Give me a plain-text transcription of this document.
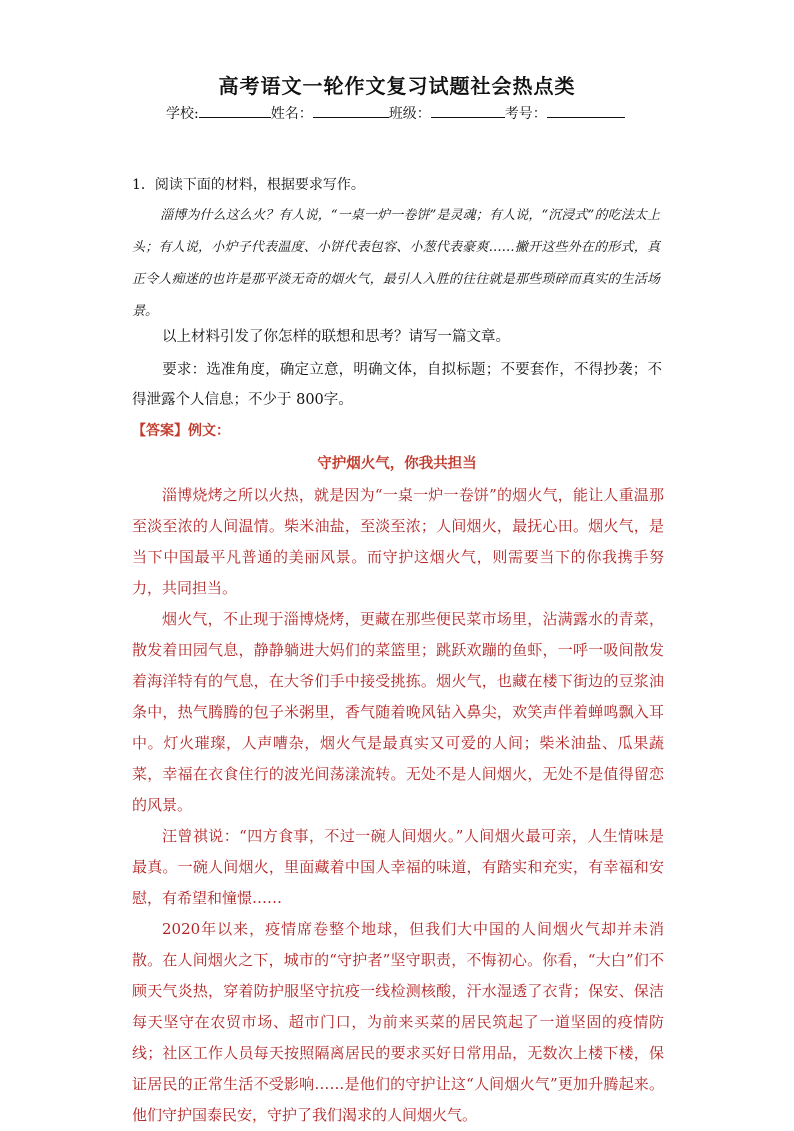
高考语文一轮作文复习试题社会热点类
学校:	姓名：	班级：	考号：
1．阅读下面的材料，根据要求写作。
淄博为什么这么火？有人说，“一桌一炉一卷饼”是灵魂；有人说，“沉浸式”的吃法太上头；有人说，小炉子代表温度、小饼代表包容、小葱代表豪爽……撇开这些外在的形式，真正令人痴迷的也许是那平淡无奇的烟火气，最引人入胜的往往就是那些琐碎而真实的生活场景。
以上材料引发了你怎样的联想和思考？请写一篇文章。
要求：选准角度，确定立意，明确文体，自拟标题；不要套作，不得抄袭；不得泄露个人信息；不少于 800字。
【答案】例文：
守护烟火气，你我共担当

淄博烧烤之所以火热，就是因为“一桌一炉一卷饼”的烟火气，能让人重温那至淡至浓的人间温情。柴米油盐，至淡至浓；人间烟火，最抚心田。烟火气，是当下中国最平凡普通的美丽风景。而守护这烟火气，则需要当下的你我携手努力，共同担当。

烟火气，不止现于淄博烧烤，更藏在那些便民菜市场里，沾满露水的青菜，散发着田园气息，静静躺进大妈们的菜篮里；跳跃欢蹦的鱼虾，一呼一吸间散发着海洋特有的气息，在大爷们手中接受挑拣。烟火气，也藏在楼下街边的豆浆油条中，热气腾腾的包子米粥里，香气随着晚风钻入鼻尖，欢笑声伴着蝉鸣飘入耳中。灯火璀璨，人声嘈杂，烟火气是最真实又可爱的人间；柴米油盐、瓜果蔬菜，幸福在衣食住行的波光间荡漾流转。无处不是人间烟火，无处不是值得留恋的风景。

汪曾祺说：“四方食事，不过一碗人间烟火。”人间烟火最可亲，人生情味是最真。一碗人间烟火，里面藏着中国人幸福的味道，有踏实和充实，有幸福和安慰，有希望和憧憬……

2020年以来，疫情席卷整个地球，但我们大中国的人间烟火气却并未消散。在人间烟火之下，城市的“守护者”坚守职责，不悔初心。你看，“大白”们不顾天气炎热，穿着防护服坚守抗疫一线检测核酸，汗水湿透了衣背；保安、保洁每天坚守在农贸市场、超市门口，为前来买菜的居民筑起了一道坚固的疫情防线；社区工作人员每天按照隔离居民的要求买好日常用品，无数次上楼下楼，保证居民的正常生活不受影响……是他们的守护让这“人间烟火气”更加升腾起来。他们守护国泰民安，守护了我们渴求的人间烟火气。
